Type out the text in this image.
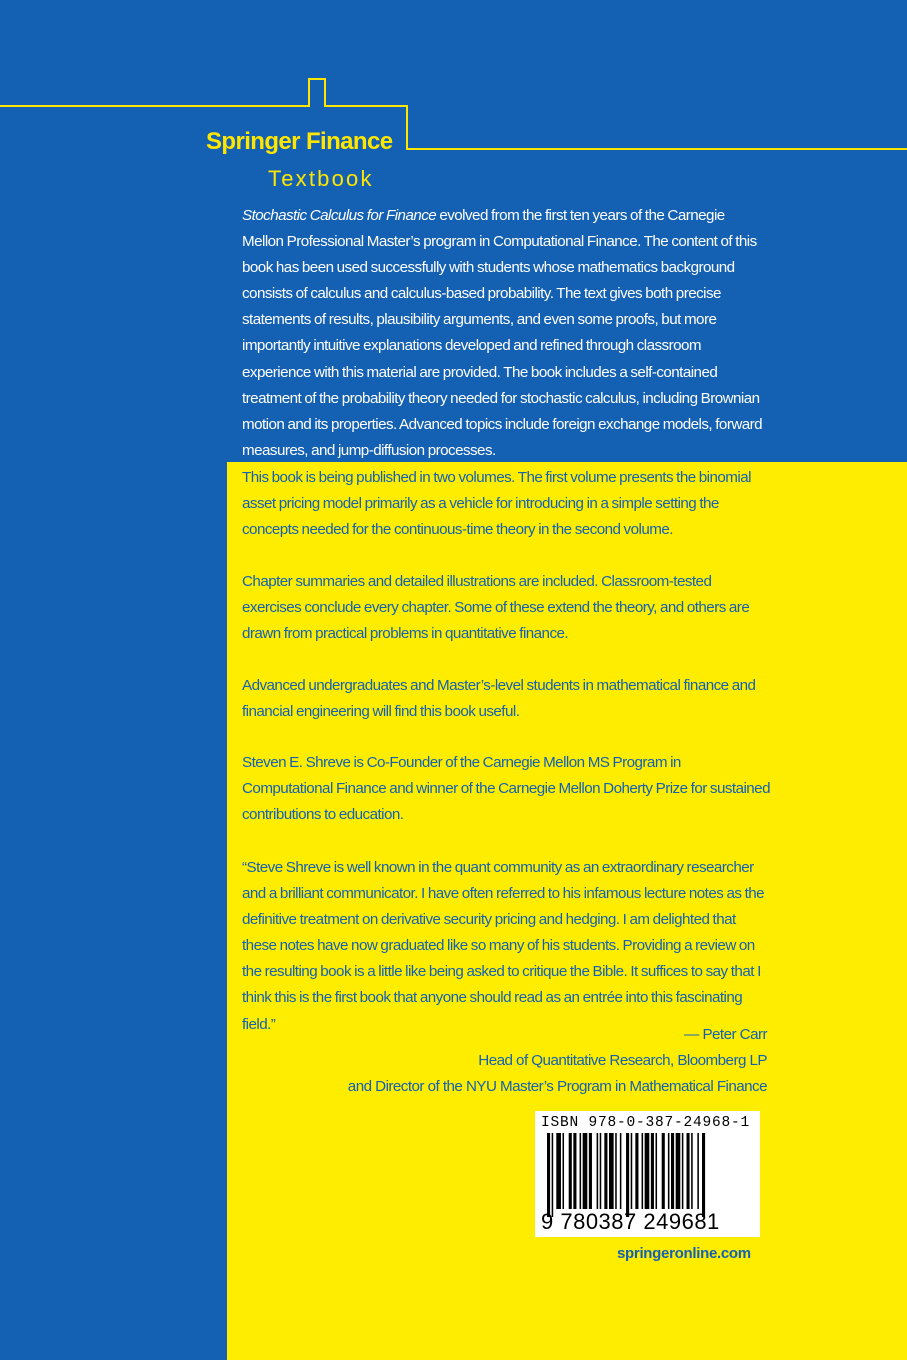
Springer Finance
Textbook

Stochastic Calculus for Finance evolved from the first ten years of the Carnegie Mellon Professional Master’s program in Computational Finance. The content of this book has been used successfully with students whose mathematics background consists of calculus and calculus-based probability. The text gives both precise statements of results, plausibility arguments, and even some proofs, but more importantly intuitive explanations developed and refined through classroom experience with this material are provided. The book includes a self-contained treatment of the probability theory needed for stochastic calculus, including Brownian motion and its properties. Advanced topics include foreign exchange models, forward measures, and jump-diffusion processes.

This book is being published in two volumes. The first volume presents the binomial asset pricing model primarily as a vehicle for introducing in a simple setting the concepts needed for the continuous-time theory in the second volume.

Chapter summaries and detailed illustrations are included. Classroom-tested exercises conclude every chapter. Some of these extend the theory, and others are drawn from practical problems in quantitative finance.

Advanced undergraduates and Master’s-level students in mathematical finance and financial engineering will find this book useful.

Steven E. Shreve is Co-Founder of the Carnegie Mellon MS Program in Computational Finance and winner of the Carnegie Mellon Doherty Prize for sustained contributions to education.

“Steve Shreve is well known in the quant community as an extraordinary researcher and a brilliant communicator. I have often referred to his infamous lecture notes as the definitive treatment on derivative security pricing and hedging. I am delighted that these notes have now graduated like so many of his students. Providing a review on the resulting book is a little like being asked to critique the Bible. It suffices to say that I think this is the first book that anyone should read as an entrée into this fascinating field.”

— Peter Carr
Head of Quantitative Research, Bloomberg LP
and Director of the NYU Master’s Program in Mathematical Finance
ISBN 978-0-387-24968-1
9 780387 249681
springeronline.com
